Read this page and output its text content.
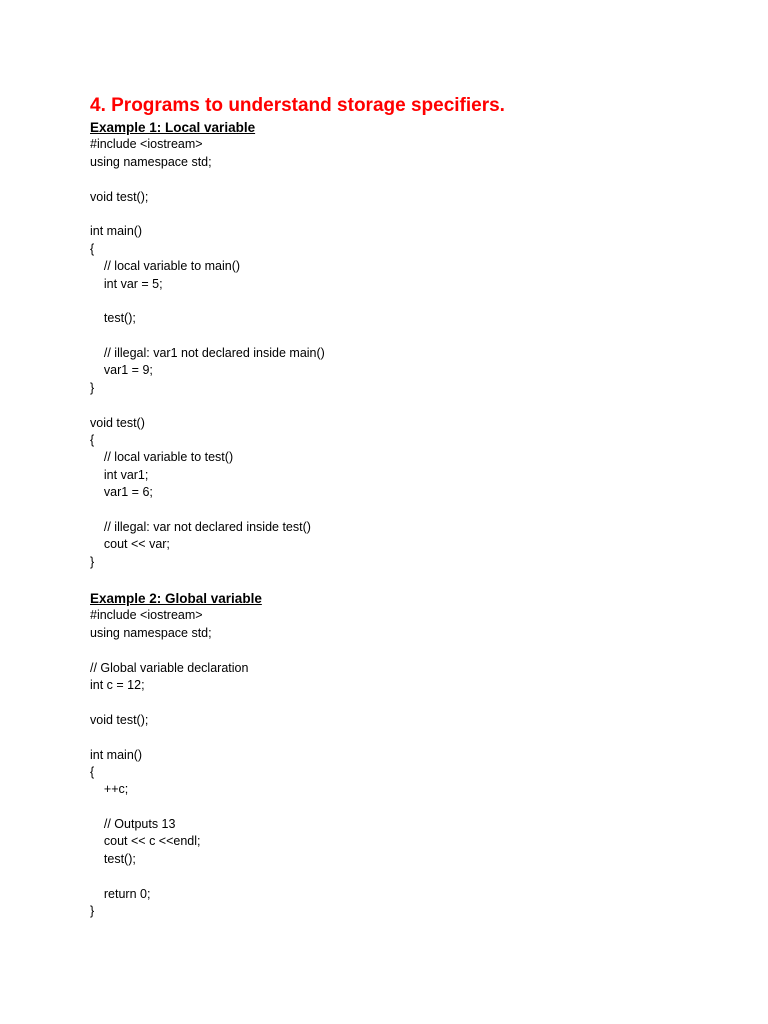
4. Programs to understand storage specifiers.
Example 1: Local variable
#include <iostream>
using namespace std;
void test();
int main()
{
// local variable to main()
int var = 5;
test();
// illegal: var1 not declared inside main()
var1 = 9;
}
void test()
{
// local variable to test()
int var1;
var1 = 6;
// illegal: var not declared inside test()
cout << var;
}
Example 2: Global variable
#include <iostream>
using namespace std;
// Global variable declaration
int c = 12;
void test();
int main()
{
++c;
// Outputs 13
cout << c <<endl;
test();
return 0;
}
